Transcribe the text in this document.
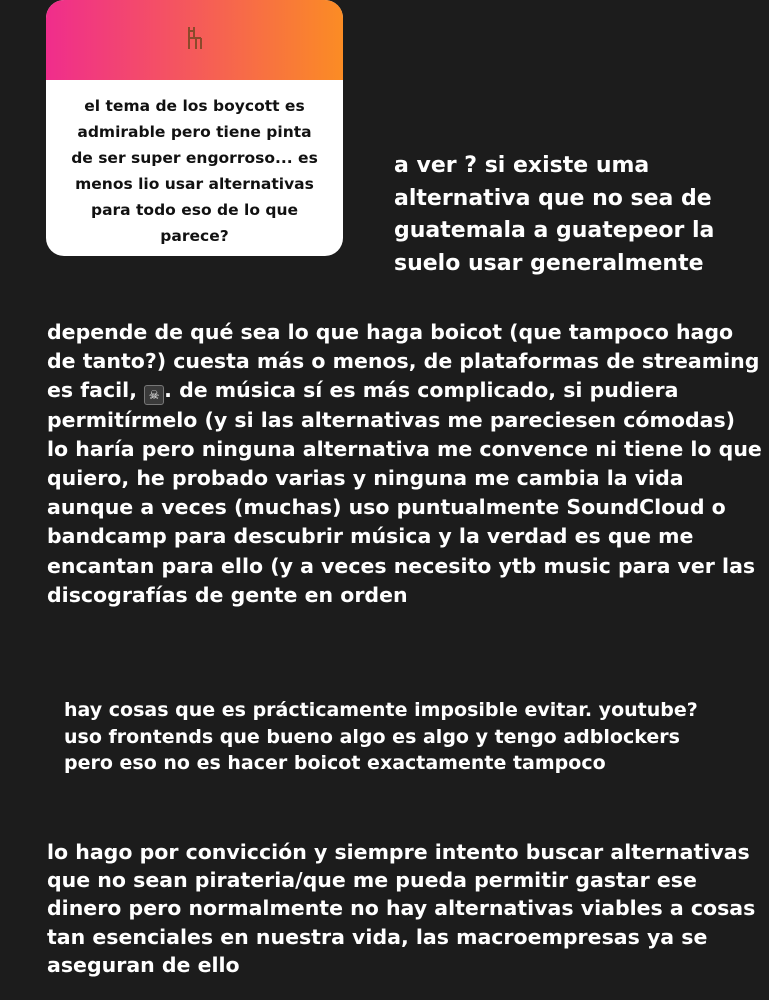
el tema de los boycott es admirable pero tiene pinta de ser super engorroso... es menos lio usar alternativas para todo eso de lo que parece?
a ver ? si existe uma alternativa que no sea de guatemala a guatepeor la suelo usar generalmente
depende de qué sea lo que haga boicot (que tampoco hago de tanto?) cuesta más o menos, de plataformas de streaming es facil, ☠ . de música sí es más complicado, si pudiera permitírmelo (y si las alternativas me pareciesen cómodas) lo haría pero ninguna alternativa me convence ni tiene lo que quiero, he probado varias y ninguna me cambia la vida aunque a veces (muchas) uso puntualmente SoundCloud o bandcamp para descubrir música y la verdad es que me encantan para ello (y a veces necesito ytb music para ver las discografías de gente en orden
hay cosas que es prácticamente imposible evitar. youtube? uso frontends que bueno algo es algo y tengo adblockers pero eso no es hacer boicot exactamente tampoco
lo hago por convicción y siempre intento buscar alternativas que no sean pirateria/que me pueda permitir gastar ese dinero pero normalmente no hay alternativas viables a cosas tan esenciales en nuestra vida, las macroempresas ya se aseguran de ello
